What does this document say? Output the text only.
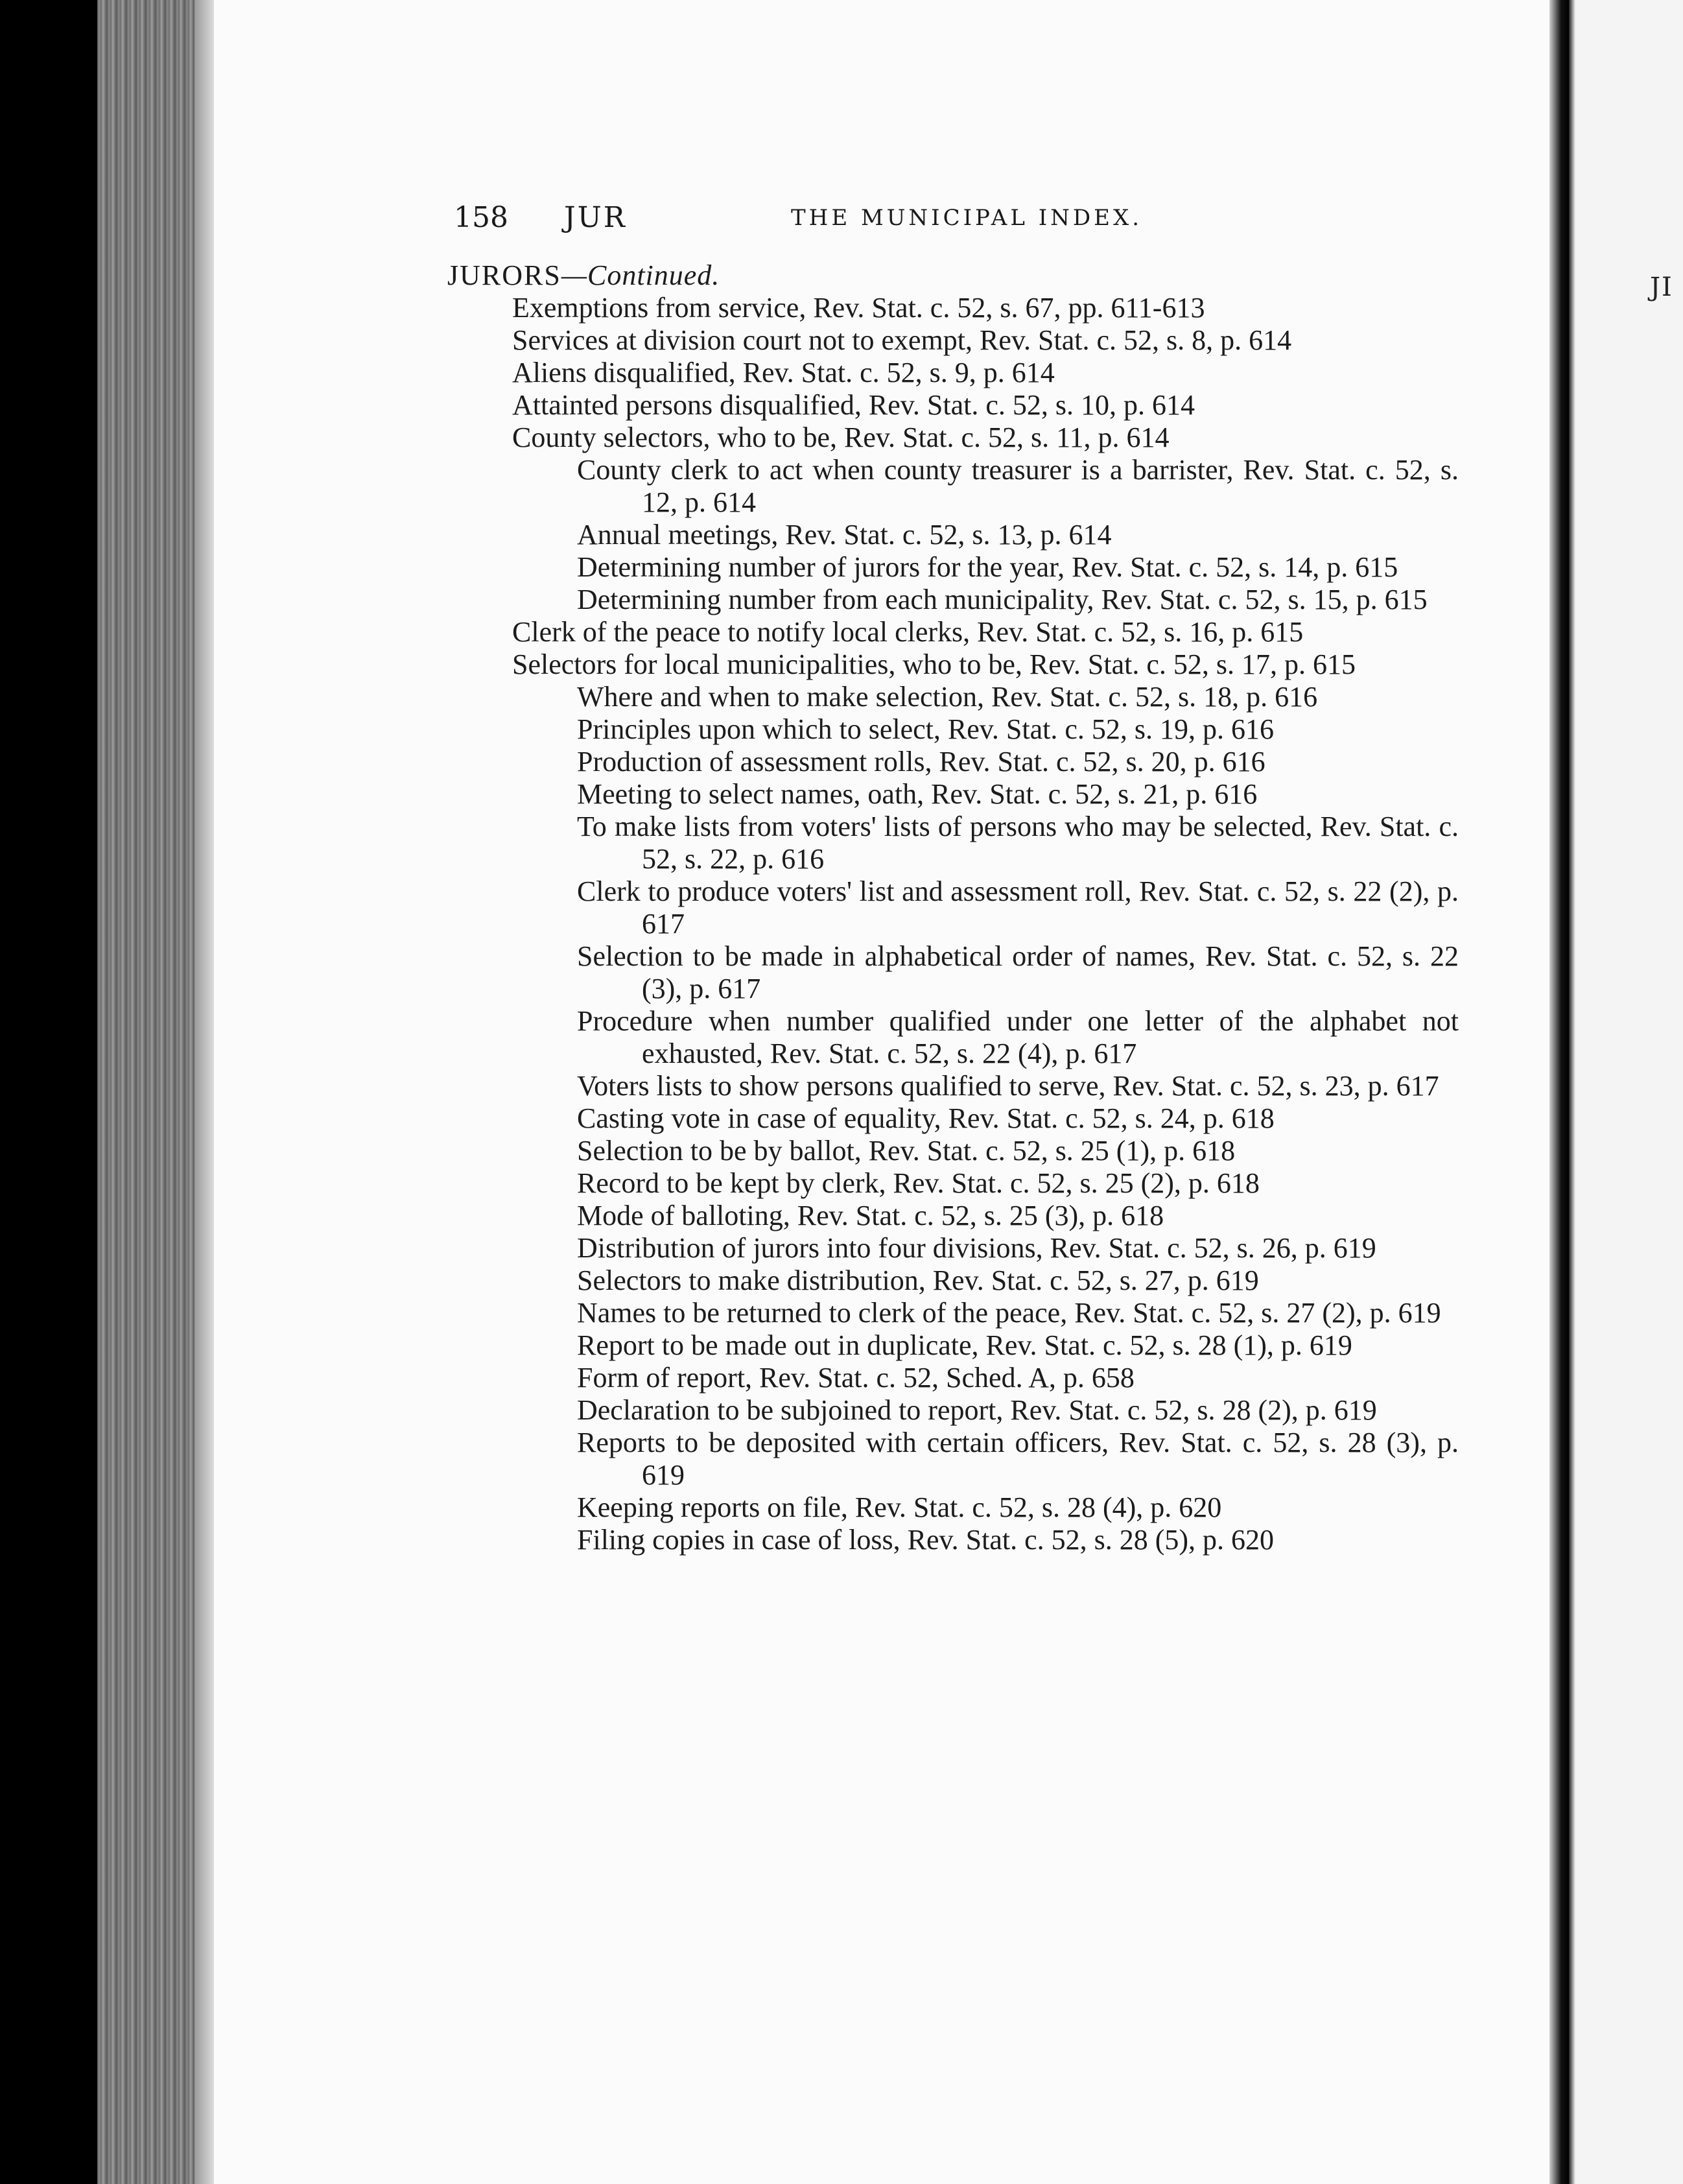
JI
158 JUR	THE MUNICIPAL INDEX.
JURORS—Continued.
Exemptions from service, Rev. Stat. c. 52, s. 67, pp. 611-613
Services at division court not to exempt, Rev. Stat. c. 52, s. 8, p. 614
Aliens disqualified, Rev. Stat. c. 52, s. 9, p. 614
Attainted persons disqualified, Rev. Stat. c. 52, s. 10, p. 614
County selectors, who to be, Rev. Stat. c. 52, s. 11, p. 614
County clerk to act when county treasurer is a barrister, Rev. Stat. c. 52, s. 12, p. 614
Annual meetings, Rev. Stat. c. 52, s. 13, p. 614
Determining number of jurors for the year, Rev. Stat. c. 52, s. 14, p. 615
Determining number from each municipality, Rev. Stat. c. 52, s. 15, p. 615
Clerk of the peace to notify local clerks, Rev. Stat. c. 52, s. 16, p. 615
Selectors for local municipalities, who to be, Rev. Stat. c. 52, s. 17, p. 615
Where and when to make selection, Rev. Stat. c. 52, s. 18, p. 616
Principles upon which to select, Rev. Stat. c. 52, s. 19, p. 616
Production of assessment rolls, Rev. Stat. c. 52, s. 20, p. 616
Meeting to select names, oath, Rev. Stat. c. 52, s. 21, p. 616
To make lists from voters' lists of persons who may be selected, Rev. Stat. c. 52, s. 22, p. 616
Clerk to produce voters' list and assessment roll, Rev. Stat. c. 52, s. 22 (2), p. 617
Selection to be made in alphabetical order of names, Rev. Stat. c. 52, s. 22 (3), p. 617
Procedure when number qualified under one letter of the alphabet not exhausted, Rev. Stat. c. 52, s. 22 (4), p. 617
Voters lists to show persons qualified to serve, Rev. Stat. c. 52, s. 23, p. 617
Casting vote in case of equality, Rev. Stat. c. 52, s. 24, p. 618
Selection to be by ballot, Rev. Stat. c. 52, s. 25 (1), p. 618
Record to be kept by clerk, Rev. Stat. c. 52, s. 25 (2), p. 618
Mode of balloting, Rev. Stat. c. 52, s. 25 (3), p. 618
Distribution of jurors into four divisions, Rev. Stat. c. 52, s. 26, p. 619
Selectors to make distribution, Rev. Stat. c. 52, s. 27, p. 619
Names to be returned to clerk of the peace, Rev. Stat. c. 52, s. 27 (2), p. 619
Report to be made out in duplicate, Rev. Stat. c. 52, s. 28 (1), p. 619
Form of report, Rev. Stat. c. 52, Sched. A, p. 658
Declaration to be subjoined to report, Rev. Stat. c. 52, s. 28 (2), p. 619
Reports to be deposited with certain officers, Rev. Stat. c. 52, s. 28 (3), p. 619
Keeping reports on file, Rev. Stat. c. 52, s. 28 (4), p. 620
Filing copies in case of loss, Rev. Stat. c. 52, s. 28 (5), p. 620
